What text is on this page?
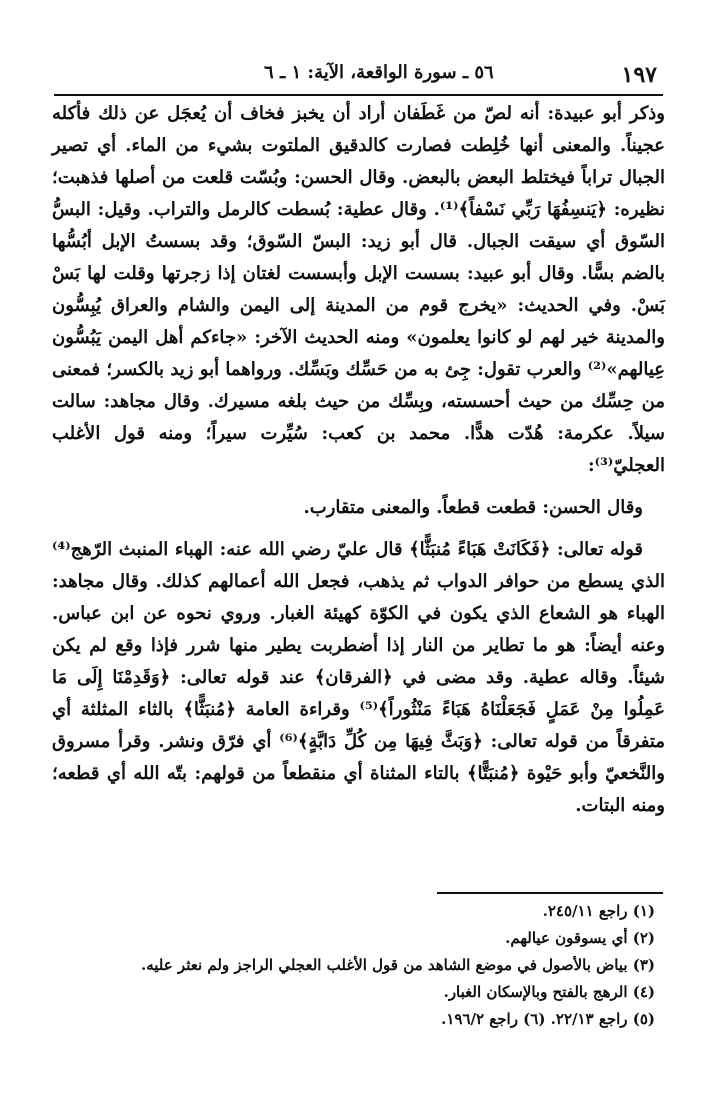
١٩٧
٥٦ ـ سورة الواقعة، الآية: ١ ـ ٦

وذكر أبو عبيدة: أنه لصّ من غَطَفان أراد أن يخبز فخاف أن يُعجَل عن ذلك فأكله عجيناً. والمعنى أنها خُلِطت فصارت كالدقيق الملتوت بشيء من الماء. أي تصير الجبال تراباً فيختلط البعض بالبعض. وقال الحسن: وبُسّت قلعت من أصلها فذهبت؛ نظيره: ﴿يَنسِفُهَا رَبِّي نَسْفاً﴾⁽¹⁾. وقال عطية: بُسطت كالرمل والتراب. وقيل: البسُّ السّوق أي سيقت الجبال. قال أبو زيد: البسّ السّوق؛ وقد بسستُ الإبل أبُسُّها بالضم بسًّا. وقال أبو عبيد: بسست الإبل وأبسست لغتان إذا زجرتها وقلت لها بَسْ بَسْ. وفي الحديث: «يخرج قوم من المدينة إلى اليمن والشام والعراق يُبِسُّون والمدينة خير لهم لو كانوا يعلمون» ومنه الحديث الآخر: «جاءكم أهل اليمن يَبُسُّون عِيالهم»⁽²⁾ والعرب تقول: جِئ به من حَسِّك وبَسِّك. ورواهما أبو زيد بالكسر؛ فمعنى من حِسِّك من حيث أحسسته، وبِسِّك من حيث بلغه مسيرك. وقال مجاهد: سالت سيلاً. عكرمة: هُدّت هدًّا. محمد بن كعب: سُيِّرت سيراً؛ ومنه قول الأغلب العجليّ⁽³⁾:

وقال الحسن: قطعت قطعاً. والمعنى متقارب.

قوله تعالى: ﴿فَكَانَتْ هَبَاءً مُنبَثًّا﴾ قال عليّ رضي الله عنه: الهباء المنبث الرّهج⁽⁴⁾ الذي يسطع من حوافر الدواب ثم يذهب، فجعل الله أعمالهم كذلك. وقال مجاهد: الهباء هو الشعاع الذي يكون في الكوّة كهيئة الغبار. وروي نحوه عن ابن عباس. وعنه أيضاً: هو ما تطاير من النار إذا أضطربت يطير منها شرر فإذا وقع لم يكن شيئاً. وقاله عطية. وقد مضى في ﴿الفرقان﴾ عند قوله تعالى: ﴿وَقَدِمْنَا إِلَى مَا عَمِلُوا مِنْ عَمَلٍ فَجَعَلْنَاهُ هَبَاءً مَنْثُوراً﴾⁽⁵⁾ وقراءة العامة ﴿مُنبَثًّا﴾ بالثاء المثلثة أي متفرقاً من قوله تعالى: ﴿وَبَثَّ فِيهَا مِن كُلِّ دَابَّةٍ﴾⁽⁶⁾ أي فرّق ونشر. وقرأ مسروق والنَّخعيّ وأبو حَيْوة ﴿مُنبَتًّا﴾ بالتاء المثناة أي منقطعاً من قولهم: بتّه الله أي قطعه؛ ومنه البتات.

(١) راجع ٢٤٥/١١.
(٢) أي يسوقون عيالهم.
(٣) بياض بالأصول في موضع الشاهد من قول الأغلب العجلي الراجز ولم نعثر عليه.
(٤) الرهج بالفتح وبالإسكان الغبار.
(٥) راجع ٢٢/١٣. (٦) راجع ١٩٦/٢.
